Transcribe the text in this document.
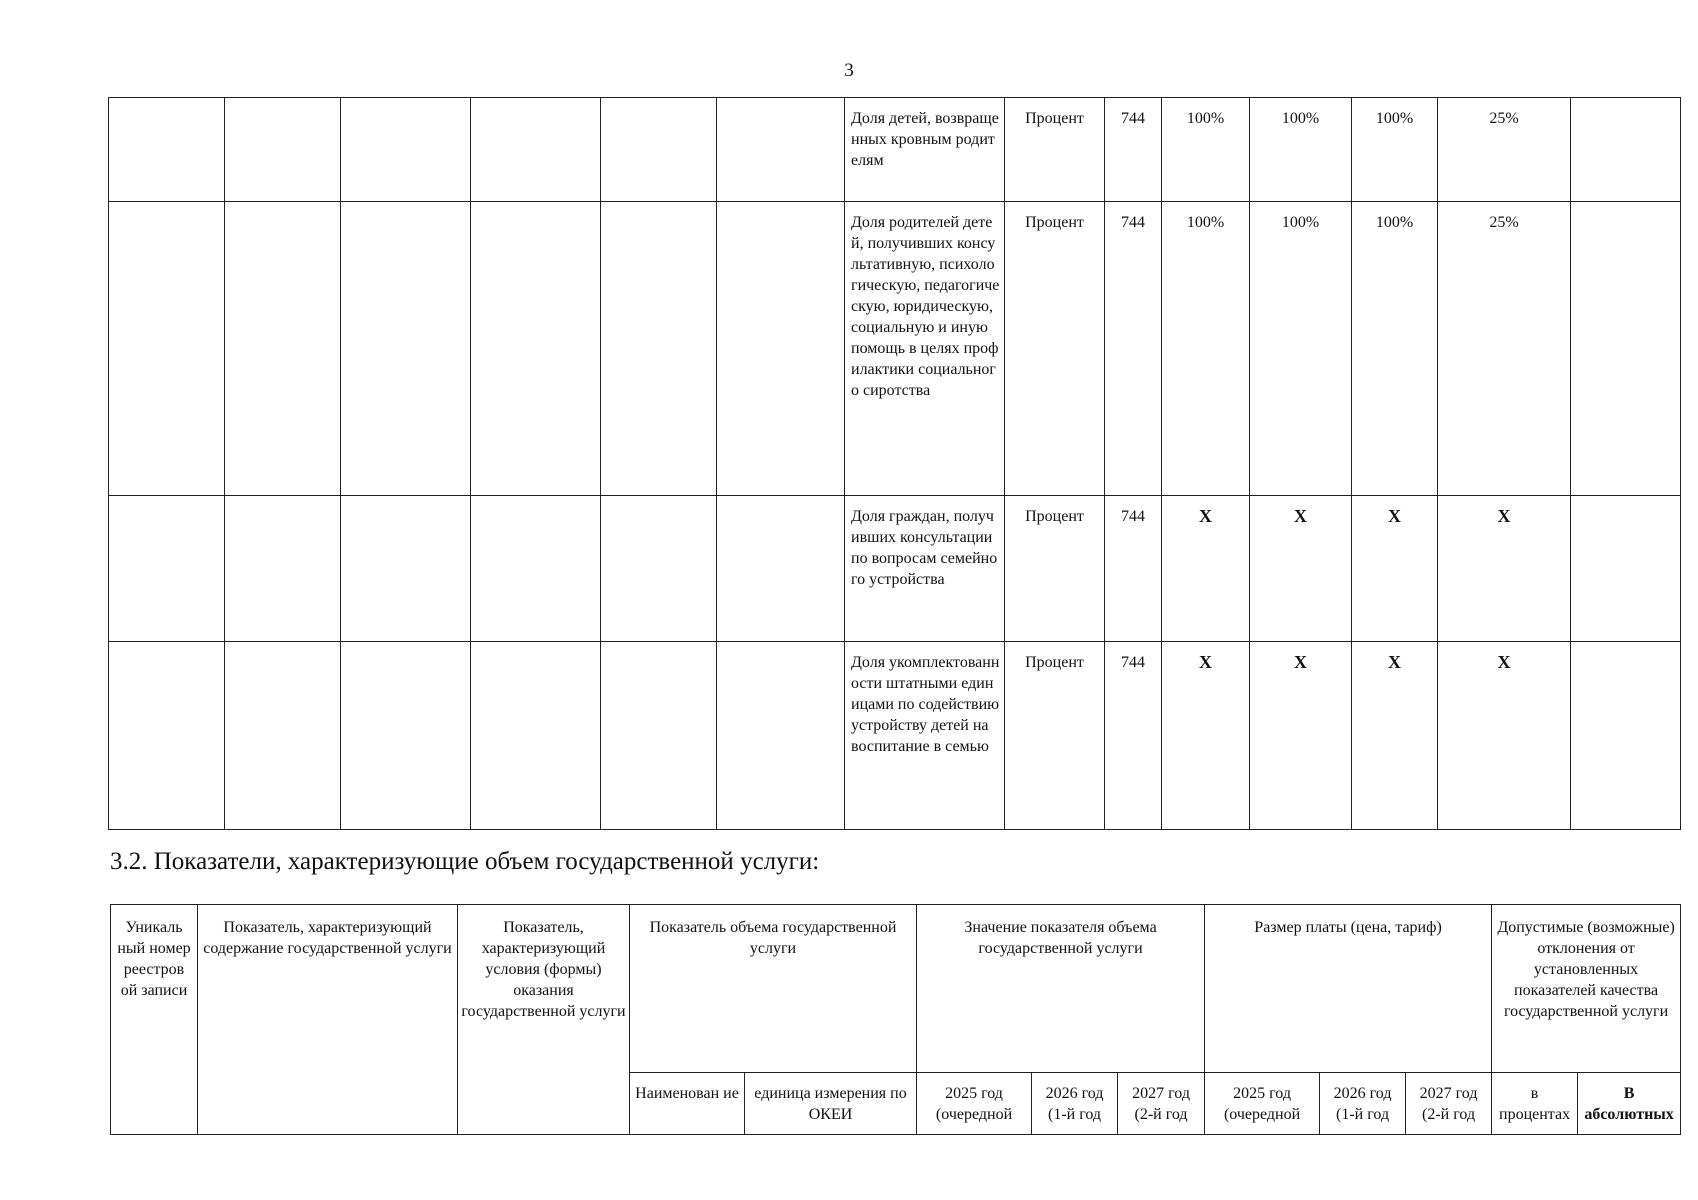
3
						Доля детей, возвращенных кровным родителям	Процент	744	100%	100%	100%	25%	
						Доля родителей детей, получивших консультативную, психологическую, педагогическую, юридическую, социальную и иную помощь в целях профилактики социального сиротства	Процент	744	100%	100%	100%	25%	
						Доля граждан, получивших консультации по вопросам семейного устройства	Процент	744	X	X	X	X	
						Доля укомплектованности штатными единицами по содействию устройству детей на воспитание в семью	Процент	744	X	X	X	X	
3.2. Показатели, характеризующие объем государственной услуги:
Уникаль ный номер реестров ой записи	Показатель, характеризующий содержание государственной услуги	Показатель, характеризующий условия (формы) оказания государственной услуги	Показатель объема государственной услуги		Значение показателя объема государственной услуги			Размер платы (цена, тариф)			Допустимые (возможные) отклонения от установленных показателей качества государственной услуги	
			Наименован ие	единица измерения по ОКЕИ	2025 год (очередной	2026 год (1-й год	2027 год (2-й год	2025 год (очередной	2026 год (1-й год	2027 год (2-й год	в процентах	В абсолютных
